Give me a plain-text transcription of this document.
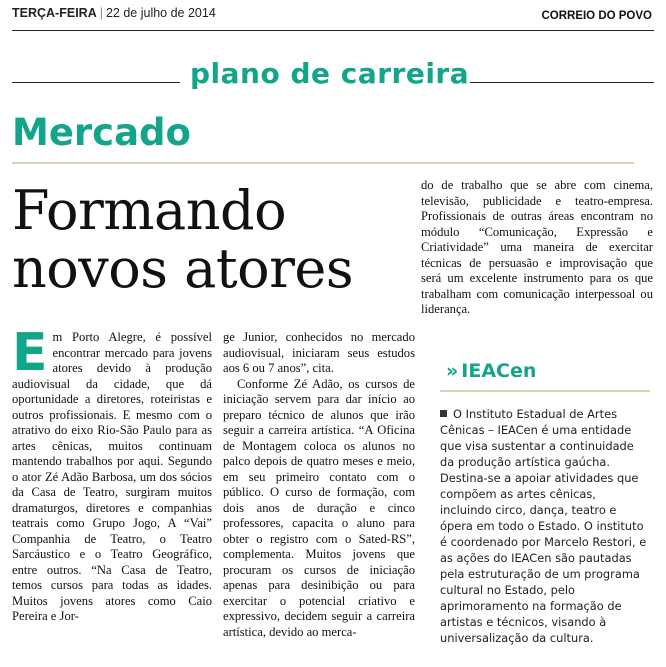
TERÇA-FEIRA | 22 de julho de 2014	CORREIO DO POVO
plano de carreira
Mercado
Formando
novos atores
E m Porto Alegre, é possível encontrar mercado para jovens atores devido à produção audiovisual da cidade, que dá oportunidade a diretores, roteiristas e outros profissionais. E mesmo com o atrativo do eixo Rio-São Paulo para as artes cênicas, muitos continuam mantendo trabalhos por aqui. Segundo o ator Zé Adão Barbosa, um dos sócios da Casa de Teatro, surgiram muitos dramaturgos, diretores e companhias teatrais como Grupo Jogo, A “Vai” Companhia de Teatro, o Teatro Sarcáustico e o Teatro Geográfico, entre outros. “Na Casa de Teatro, temos cursos para todas as idades. Muitos jovens atores como Caio Pereira e Jor-
ge Junior, conhecidos no mercado audiovisual, iniciaram seus estudos aos 6 ou 7 anos”, cita.
Conforme Zé Adão, os cursos de iniciação servem para dar início ao preparo técnico de alunos que irão seguir a carreira artística. “A Oficina de Montagem coloca os alunos no palco depois de quatro meses e meio, em seu primeiro contato com o público. O curso de formação, com dois anos de duração e cinco professores, capacita o aluno para obter o registro com o Sated-RS”, complementa. Muitos jovens que procuram os cursos de iniciação apenas para desinibição ou para exercitar o potencial criativo e expressivo, decidem seguir a carreira artística, devido ao merca-
do de trabalho que se abre com cinema, televisão, publicidade e teatro-empresa. Profissionais de outras áreas encontram no módulo “Comunicação, Expressão e Criatividade” uma maneira de exercitar técnicas de persuasão e improvisação que será um excelente instrumento para os que trabalham com comunicação interpessoal ou liderança.
» IEACen
O Instituto Estadual de Artes Cênicas – IEACen é uma entidade que visa sustentar a continuidade da produção artística gaúcha. Destina-se a apoiar atividades que compõem as artes cênicas, incluindo circo, dança, teatro e ópera em todo o Estado. O instituto é coordenado por Marcelo Restori, e as ações do IEACen são pautadas pela estruturação de um programa cultural no Estado, pelo aprimoramento na formação de artistas e técnicos, visando à universalização da cultura.
